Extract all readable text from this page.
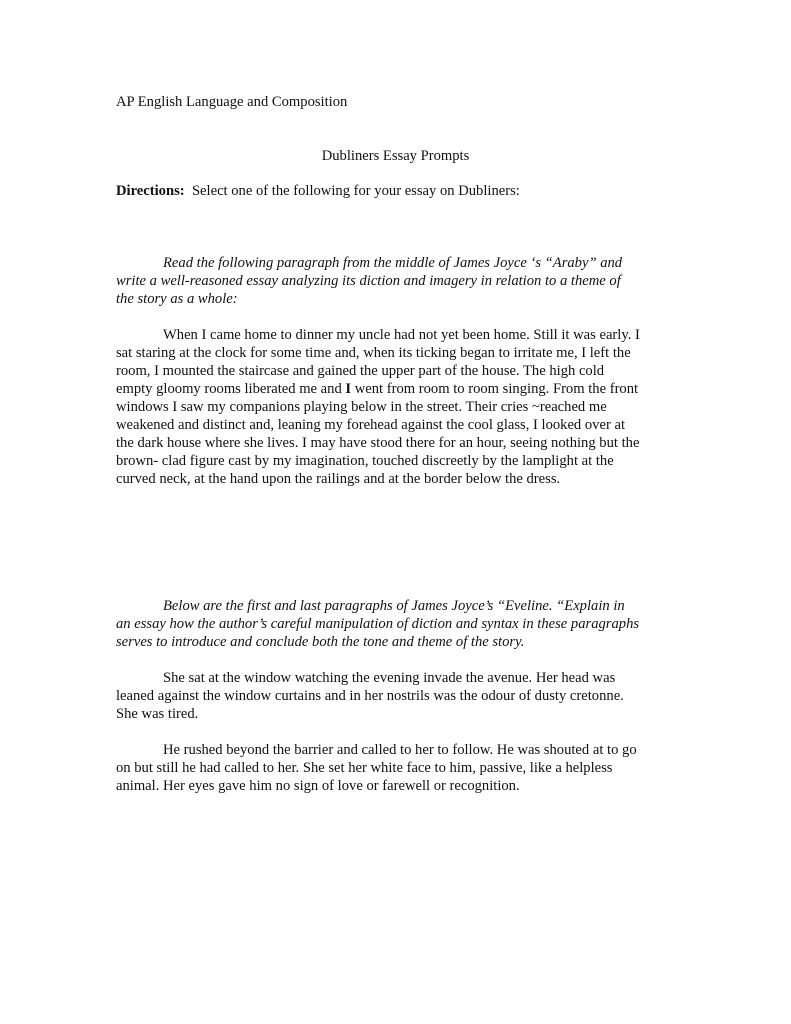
AP English Language and Composition
Dubliners Essay Prompts
Directions:  Select one of the following for your essay on Dubliners:
Read the following paragraph from the middle of James Joyce ‘s “Araby” and
write a well-reasoned essay analyzing its diction and imagery in relation to a theme of
the story as a whole:
When I came home to dinner my uncle had not yet been home. Still it was early. I
sat staring at the clock for some time and, when its ticking began to irritate me, I left the
room, I mounted the staircase and gained the upper part of the house. The high cold
empty gloomy rooms liberated me and I went from room to room singing. From the front
windows I saw my companions playing below in the street. Their cries ~reached me
weakened and distinct and, leaning my forehead against the cool glass, I looked over at
the dark house where she lives. I may have stood there for an hour, seeing nothing but the
brown- clad figure cast by my imagination, touched discreetly by the lamplight at the
curved neck, at the hand upon the railings and at the border below the dress.
Below are the first and last paragraphs of James Joyce’s “Eveline. “Explain in
an essay how the author’s careful manipulation of diction and syntax in these paragraphs
serves to introduce and conclude both the tone and theme of the story.
She sat at the window watching the evening invade the avenue. Her head was
leaned against the window curtains and in her nostrils was the odour of dusty cretonne.
She was tired.
He rushed beyond the barrier and called to her to follow. He was shouted at to go
on but still he had called to her. She set her white face to him, passive, like a helpless
animal. Her eyes gave him no sign of love or farewell or recognition.
